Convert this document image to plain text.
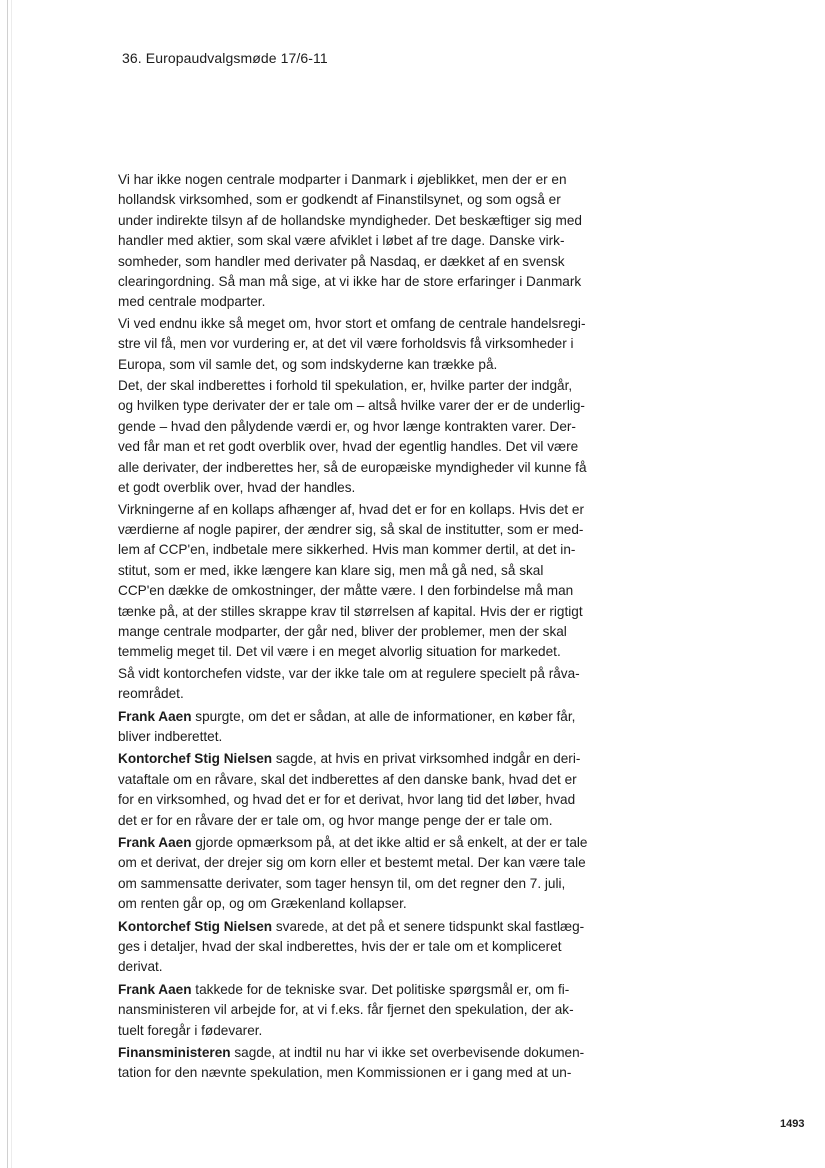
36. Europaudvalgsmøde 17/6-11
Vi har ikke nogen centrale modparter i Danmark i øjeblikket, men der er en
hollandsk virksomhed, som er godkendt af Finanstilsynet, og som også er
under indirekte tilsyn af de hollandske myndigheder. Det beskæftiger sig med
handler med aktier, som skal være afviklet i løbet af tre dage. Danske virk-
somheder, som handler med derivater på Nasdaq, er dækket af en svensk
clearingordning. Så man må sige, at vi ikke har de store erfaringer i Danmark
med centrale modparter.
Vi ved endnu ikke så meget om, hvor stort et omfang de centrale handelsregi-
stre vil få, men vor vurdering er, at det vil være forholdsvis få virksomheder i
Europa, som vil samle det, og som indskyderne kan trække på.
Det, der skal indberettes i forhold til spekulation, er, hvilke parter der indgår,
og hvilken type derivater der er tale om – altså hvilke varer der er de underlig-
gende – hvad den pålydende værdi er, og hvor længe kontrakten varer. Der-
ved får man et ret godt overblik over, hvad der egentlig handles. Det vil være
alle derivater, der indberettes her, så de europæiske myndigheder vil kunne få
et godt overblik over, hvad der handles.
Virkningerne af en kollaps afhænger af, hvad det er for en kollaps. Hvis det er
værdierne af nogle papirer, der ændrer sig, så skal de institutter, som er med-
lem af CCP'en, indbetale mere sikkerhed. Hvis man kommer dertil, at det in-
stitut, som er med, ikke længere kan klare sig, men må gå ned, så skal
CCP'en dække de omkostninger, der måtte være. I den forbindelse må man
tænke på, at der stilles skrappe krav til størrelsen af kapital. Hvis der er rigtigt
mange centrale modparter, der går ned, bliver der problemer, men der skal
temmelig meget til. Det vil være i en meget alvorlig situation for markedet.
Så vidt kontorchefen vidste, var der ikke tale om at regulere specielt på råva-
reområdet.
Frank Aaen spurgte, om det er sådan, at alle de informationer, en køber får,
bliver indberettet.
Kontorchef Stig Nielsen sagde, at hvis en privat virksomhed indgår en deri-
vataftale om en råvare, skal det indberettes af den danske bank, hvad det er
for en virksomhed, og hvad det er for et derivat, hvor lang tid det løber, hvad
det er for en råvare der er tale om, og hvor mange penge der er tale om.
Frank Aaen gjorde opmærksom på, at det ikke altid er så enkelt, at der er tale
om et derivat, der drejer sig om korn eller et bestemt metal. Der kan være tale
om sammensatte derivater, som tager hensyn til, om det regner den 7. juli,
om renten går op, og om Grækenland kollapser.
Kontorchef Stig Nielsen svarede, at det på et senere tidspunkt skal fastlæg-
ges i detaljer, hvad der skal indberettes, hvis der er tale om et kompliceret
derivat.
Frank Aaen takkede for de tekniske svar. Det politiske spørgsmål er, om fi-
nansministeren vil arbejde for, at vi f.eks. får fjernet den spekulation, der ak-
tuelt foregår i fødevarer.
Finansministeren sagde, at indtil nu har vi ikke set overbevisende dokumen-
tation for den nævnte spekulation, men Kommissionen er i gang med at un-
1493
